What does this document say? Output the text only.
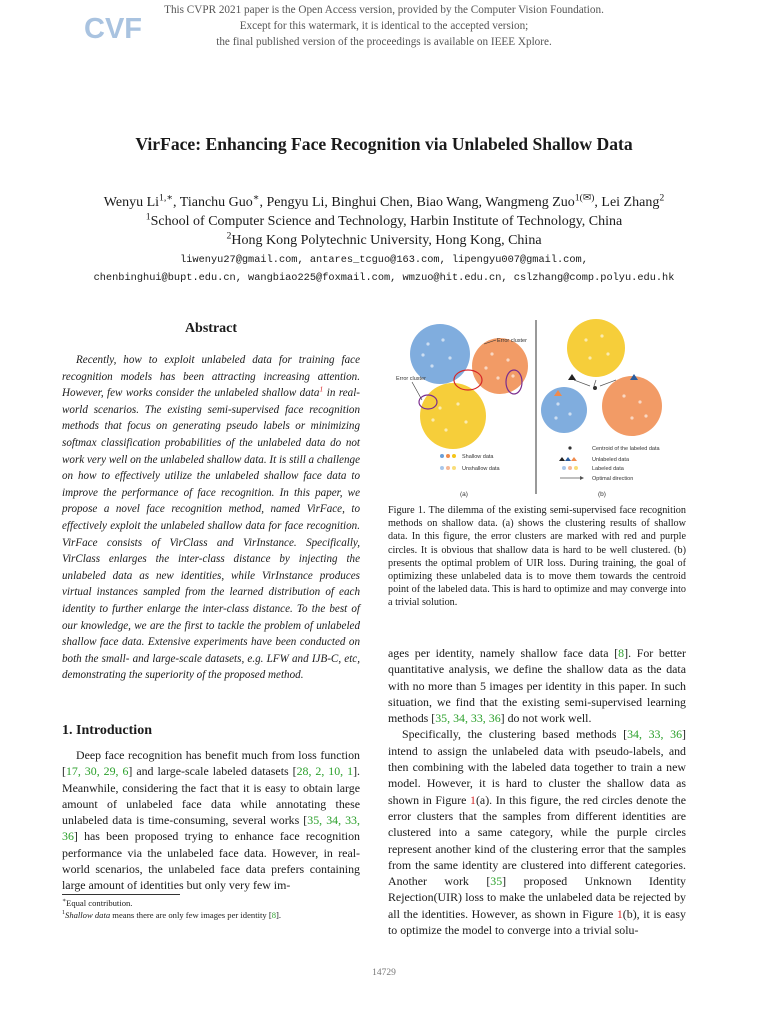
This CVPR 2021 paper is the Open Access version, provided by the Computer Vision Foundation.
Except for this watermark, it is identical to the accepted version;
the final published version of the proceedings is available on IEEE Xplore.
CVF
VirFace: Enhancing Face Recognition via Unlabeled Shallow Data
Wenyu $Li^{1,∗}$, Tianchu Guo∗, Pengyu Li, Binghui Chen, Biao Wang, Wangmeng Zuo$^{1(✉)}$, Lei Zhang$^2$
$^1$School of Computer Science and Technology, Harbin Institute of Technology, China
$^2$Hong Kong Polytechnic University, Hong Kong, China
liwenyu27@gmail.com, antares_tcguo@163.com, lipengyu007@gmail.com,
chenbinghui@bupt.edu.cn, wangbiao225@foxmail.com, wmzuo@hit.edu.cn, cslzhang@comp.polyu.edu.hk
Abstract
Recently, how to exploit unlabeled data for training face recognition models has been attracting increasing attention. However, few works consider the unlabeled shallow data$^1$ in real-world scenarios. The existing semi-supervised face recognition methods that focus on generating pseudo labels or minimizing softmax classification probabilities of the unlabeled data do not work very well on the unlabeled shallow data. It is still a challenge on how to effectively utilize the unlabeled shallow face data to improve the performance of face recognition. In this paper, we propose a novel face recognition method, named VirFace, to effectively exploit the unlabeled shallow data for face recognition. VirFace consists of VirClass and VirInstance. Specifically, VirClass enlarges the inter-class distance by injecting the unlabeled data as new identities, while VirInstance produces virtual instances sampled from the learned distribution of each identity to further enlarge the inter-class distance. To the best of our knowledge, we are the first to tackle the problem of unlabeled shallow face data. Extensive experiments have been conducted on both the small- and large-scale datasets, e.g. LFW and IJB-C, etc, demonstrating the superiority of the proposed method.
1. Introduction
Deep face recognition has benefit much from loss function [17, 30, 29, 6] and large-scale labeled datasets [28, 2, 10, 1]. Meanwhile, considering the fact that it is easy to obtain large amount of unlabeled face data while annotating these unlabeled data is time-consuming, several works [35, 34, 33, 36] has been proposed trying to enhance face recognition performance via the unlabeled face data. However, in real-world scenarios, the unlabeled face data prefers containing large amount of identities but only very few im-
∗Equal contribution.
$^1$Shallow data means there are only few images per identity [8].
Error cluster
Error cluster
Shallow data
Unshallow data
(a)
Centroid of the labeled data
Unlabeled data
Labeled data
Optimal direction
(b)
Figure 1. The dilemma of the existing semi-supervised face recognition methods on shallow data. (a) shows the clustering results of shallow data. In this figure, the error clusters are marked with red and purple circles. It is obvious that shallow data is hard to be well clustered. (b) presents the optimal problem of UIR loss. During training, the goal of optimizing these unlabeled data is to move them towards the centroid point of the labeled data. This is hard to optimize and may converge into a trivial solution.

ages per identity, namely shallow face data [8]. For better quantitative analysis, we define the shallow data as the data with no more than 5 images per identity in this paper. In such situation, we find that the existing semi-supervised learning methods [35, 34, 33, 36] do not work well.

Specifically, the clustering based methods [34, 33, 36] intend to assign the unlabeled data with pseudo-labels, and then combining with the labeled data together to train a new model. However, it is hard to cluster the shallow data as shown in Figure 1(a). In this figure, the red circles denote the error clusters that the samples from different identities are clustered into a same category, while the purple circles represent another kind of the clustering error that the samples from the same identity are clustered into different categories. Another work [35] proposed Unknown Identity Rejection(UIR) loss to make the unlabeled data be rejected by all the identities. However, as shown in Figure 1(b), it is easy to optimize the model to converge into a trivial solu-

14729
